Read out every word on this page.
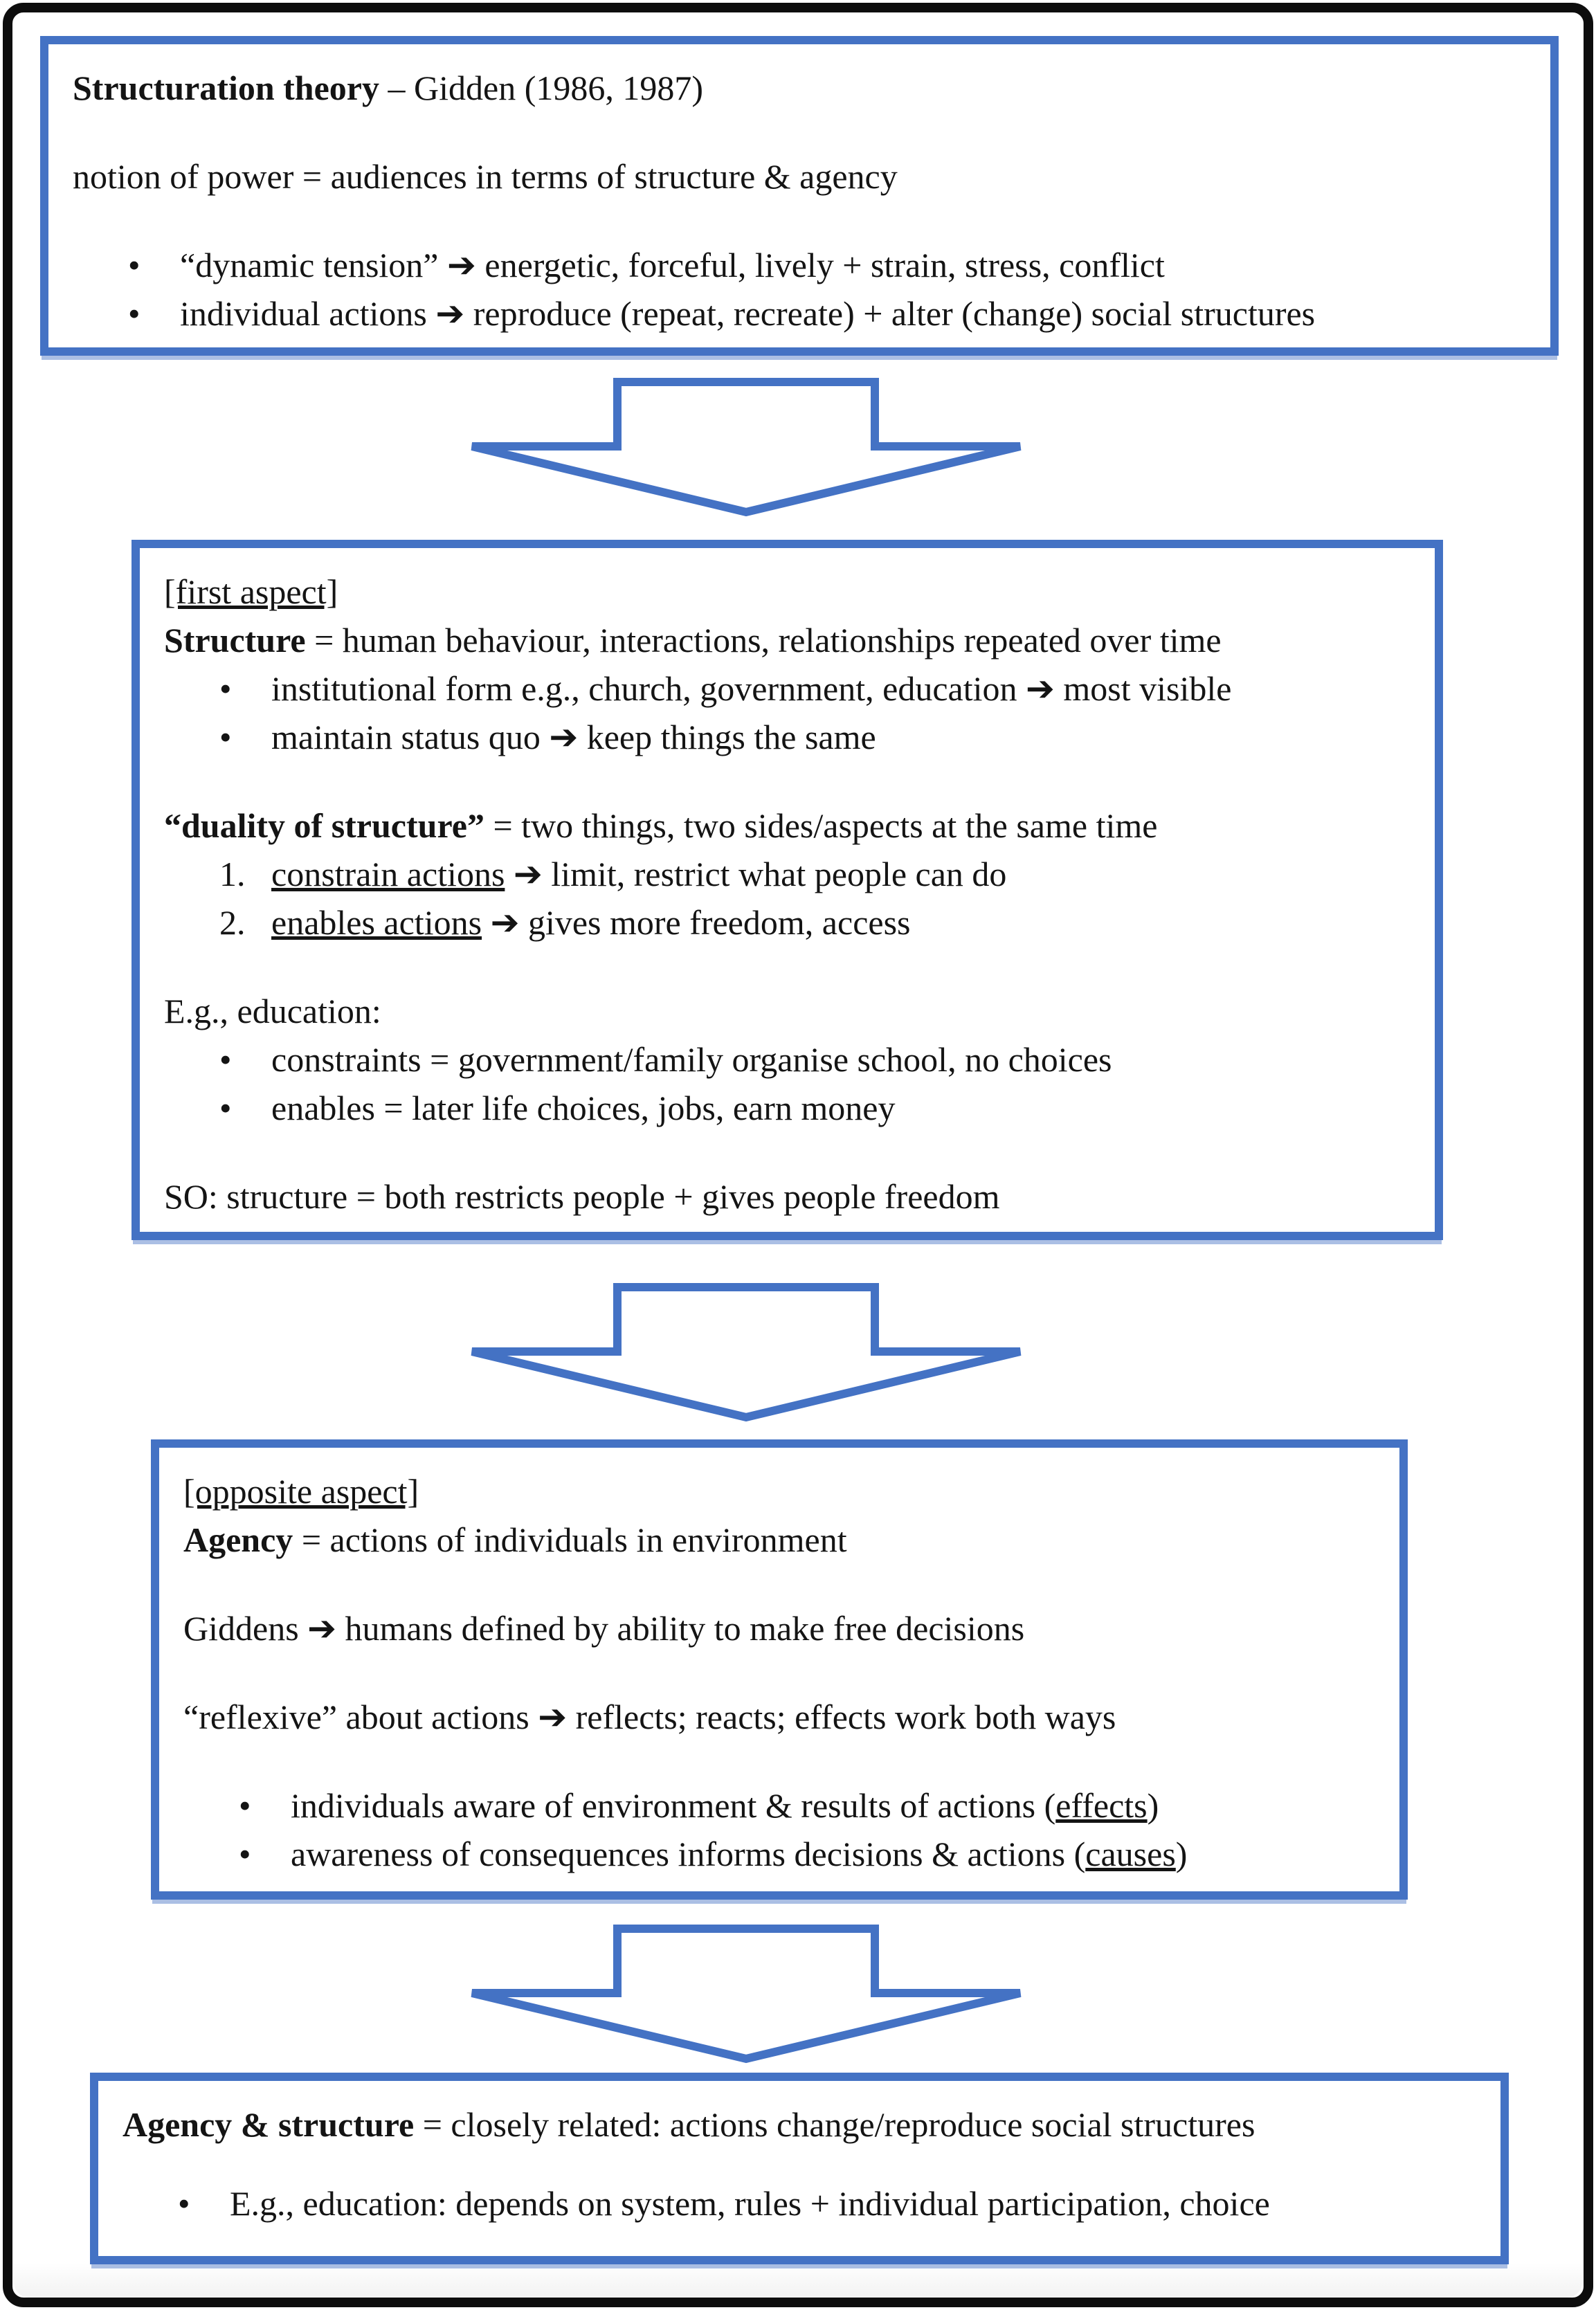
Structuration theory – Gidden (1986, 1987)
notion of power = audiences in terms of structure & agency
•	“dynamic tension” ➔ energetic, forceful, lively + strain, stress, conflict
•	individual actions ➔ reproduce (repeat, recreate) + alter (change) social structures
[first aspect]
Structure = human behaviour, interactions, relationships repeated over time
•	institutional form e.g., church, government, education ➔ most visible
•	maintain status quo ➔ keep things the same
“duality of structure” = two things, two sides/aspects at the same time
1. constrain actions ➔ limit, restrict what people can do
2. enables actions ➔ gives more freedom, access
E.g., education:
•	constraints = government/family organise school, no choices
•	enables = later life choices, jobs, earn money
SO: structure = both restricts people + gives people freedom
[opposite aspect]
Agency = actions of individuals in environment
Giddens ➔ humans defined by ability to make free decisions
“reflexive” about actions ➔ reflects; reacts; effects work both ways
•	individuals aware of environment & results of actions (effects)
•	awareness of consequences informs decisions & actions (causes)
Agency & structure = closely related: actions change/reproduce social structures
•	E.g., education: depends on system, rules + individual participation, choice
